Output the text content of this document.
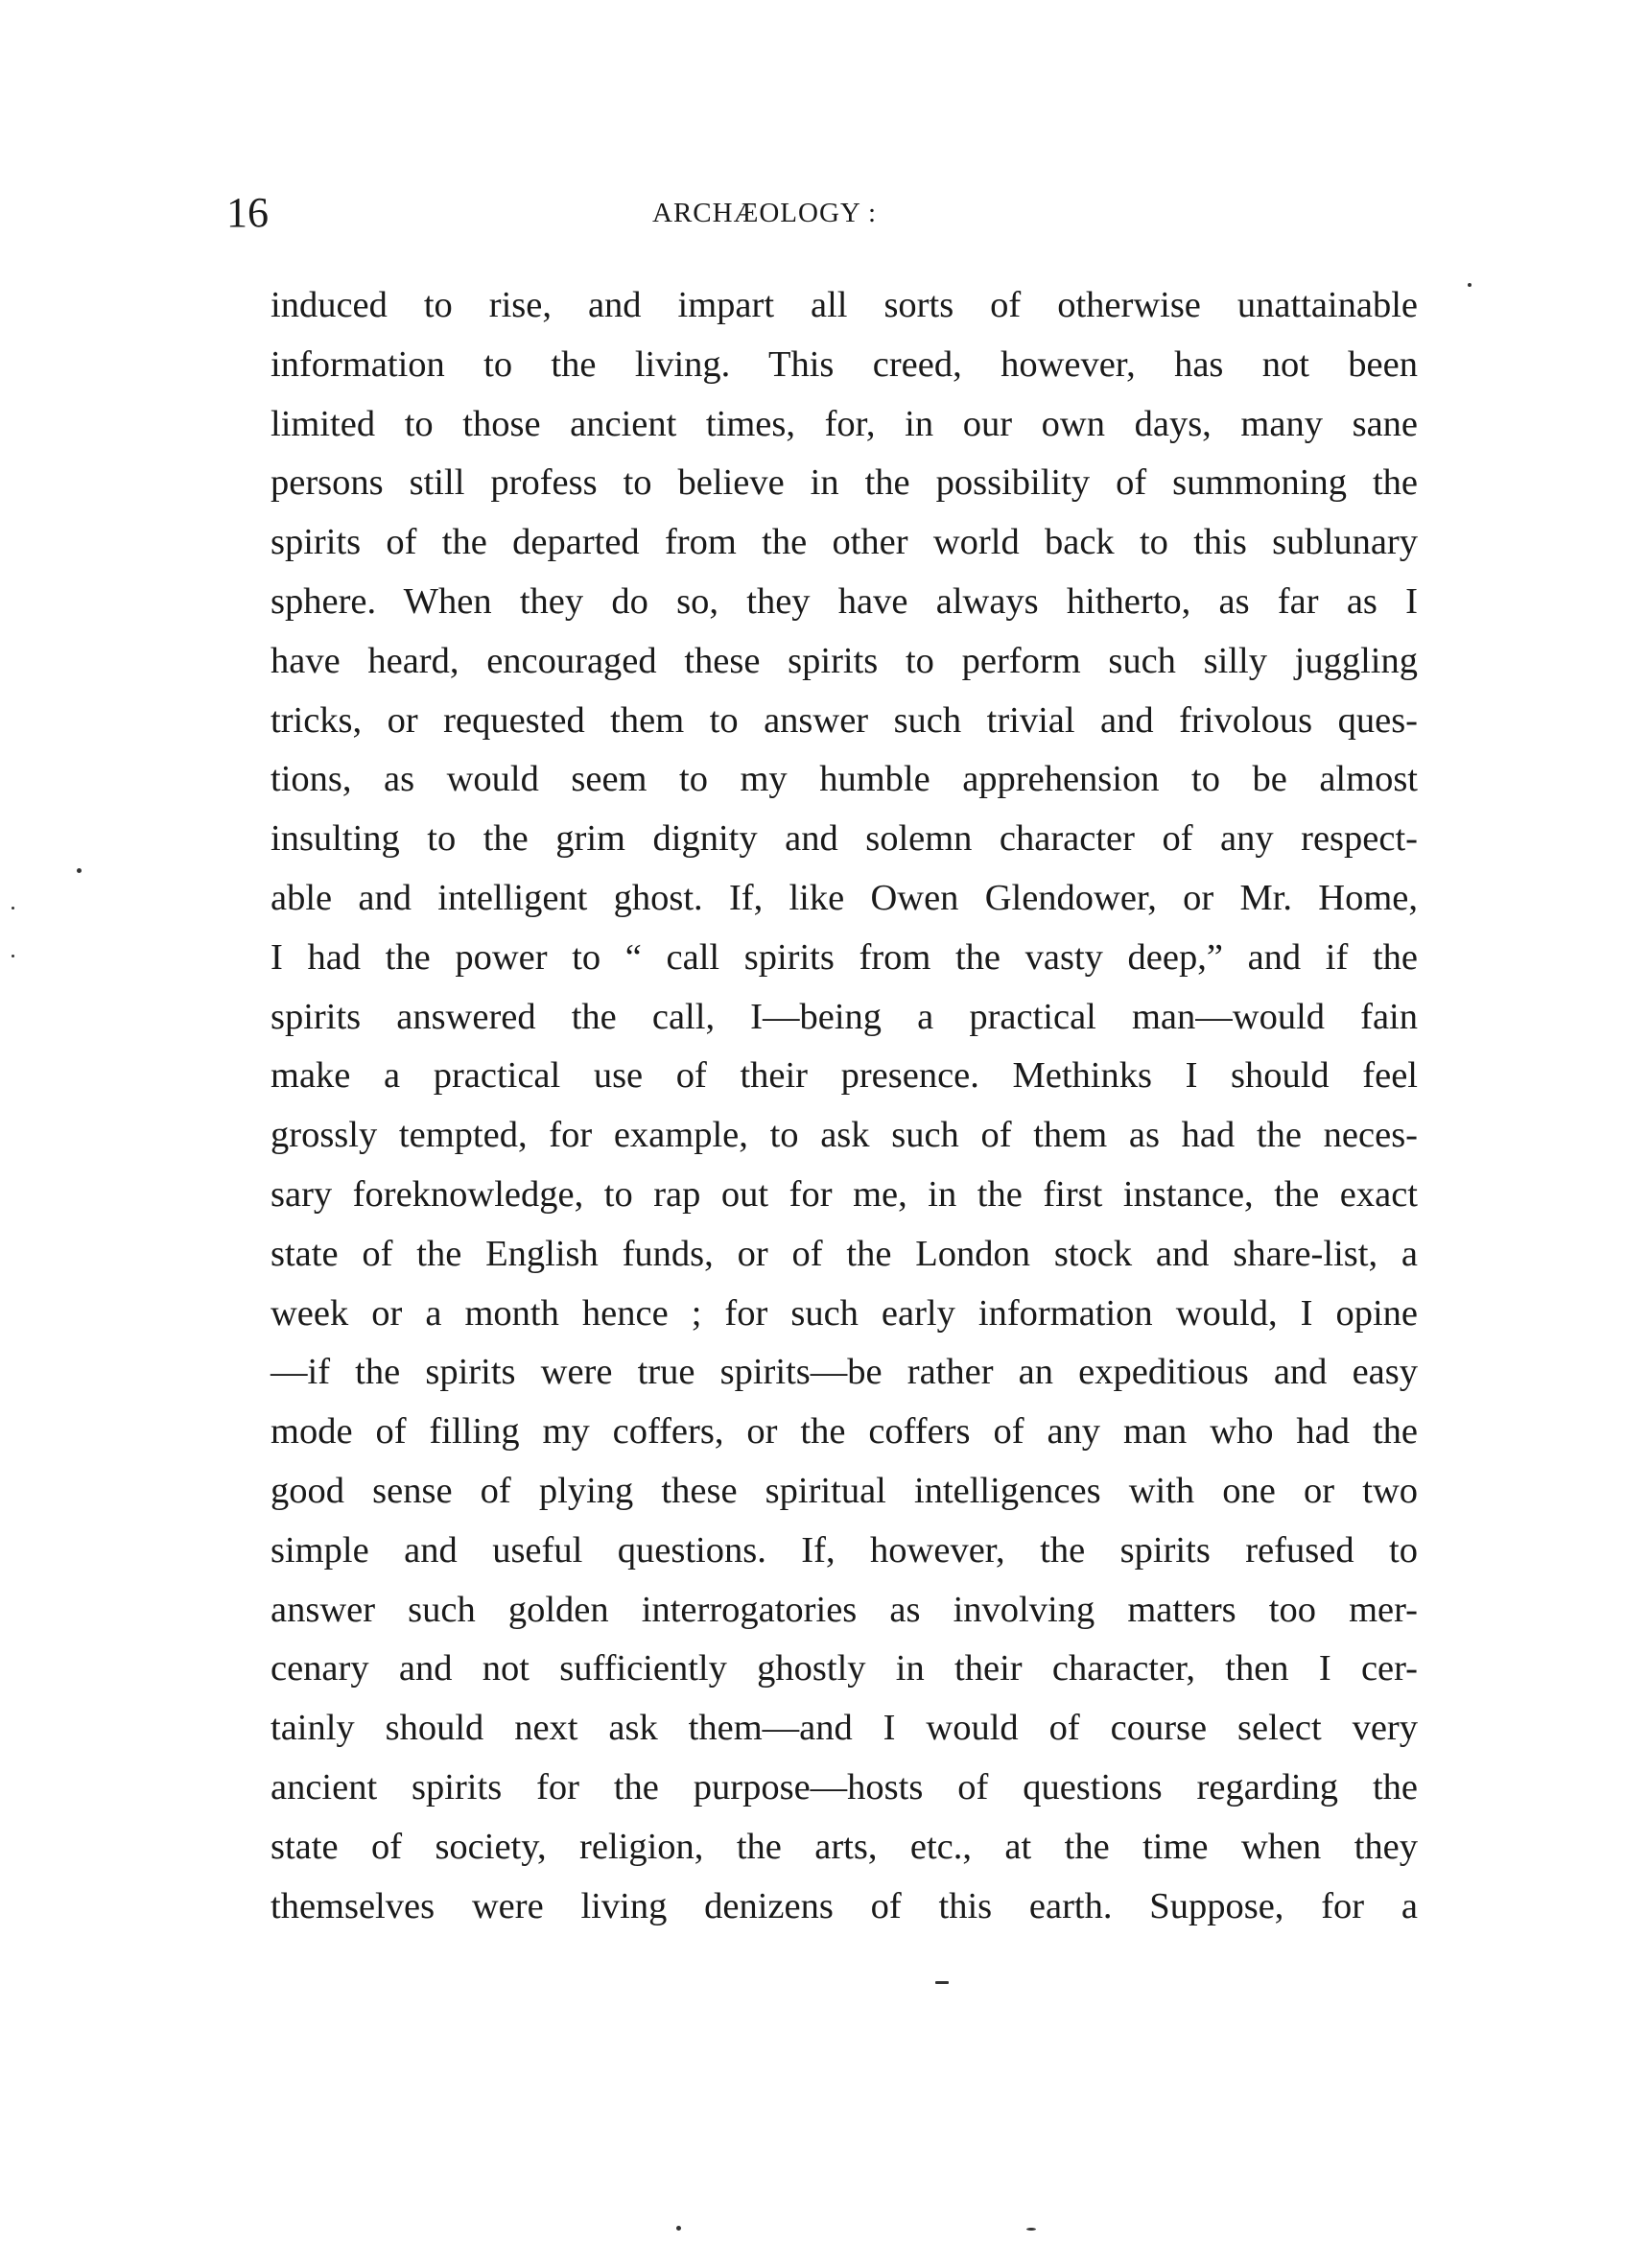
16	ARCHÆOLOGY :
induced to rise, and impart all sorts of otherwise unattainable
information to the living. This creed, however, has not been
limited to those ancient times, for, in our own days, many sane
persons still profess to believe in the possibility of summoning the
spirits of the departed from the other world back to this sublunary
sphere. When they do so, they have always hitherto, as far as I
have heard, encouraged these spirits to perform such silly juggling
tricks, or requested them to answer such trivial and frivolous ques-
tions, as would seem to my humble apprehension to be almost
insulting to the grim dignity and solemn character of any respect-
able and intelligent ghost. If, like Owen Glendower, or Mr. Home,
I had the power to “ call spirits from the vasty deep,” and if the
spirits answered the call, I—being a practical man—would fain
make a practical use of their presence. Methinks I should feel
grossly tempted, for example, to ask such of them as had the neces-
sary foreknowledge, to rap out for me, in the first instance, the exact
state of the English funds, or of the London stock and share-list, a
week or a month hence ; for such early information would, I opine
—if the spirits were true spirits—be rather an expeditious and easy
mode of filling my coffers, or the coffers of any man who had the
good sense of plying these spiritual intelligences with one or two
simple and useful questions. If, however, the spirits refused to
answer such golden interrogatories as involving matters too mer-
cenary and not sufficiently ghostly in their character, then I cer-
tainly should next ask them—and I would of course select very
ancient spirits for the purpose—hosts of questions regarding the
state of society, religion, the arts, etc., at the time when they
themselves were living denizens of this earth. Suppose, for a
